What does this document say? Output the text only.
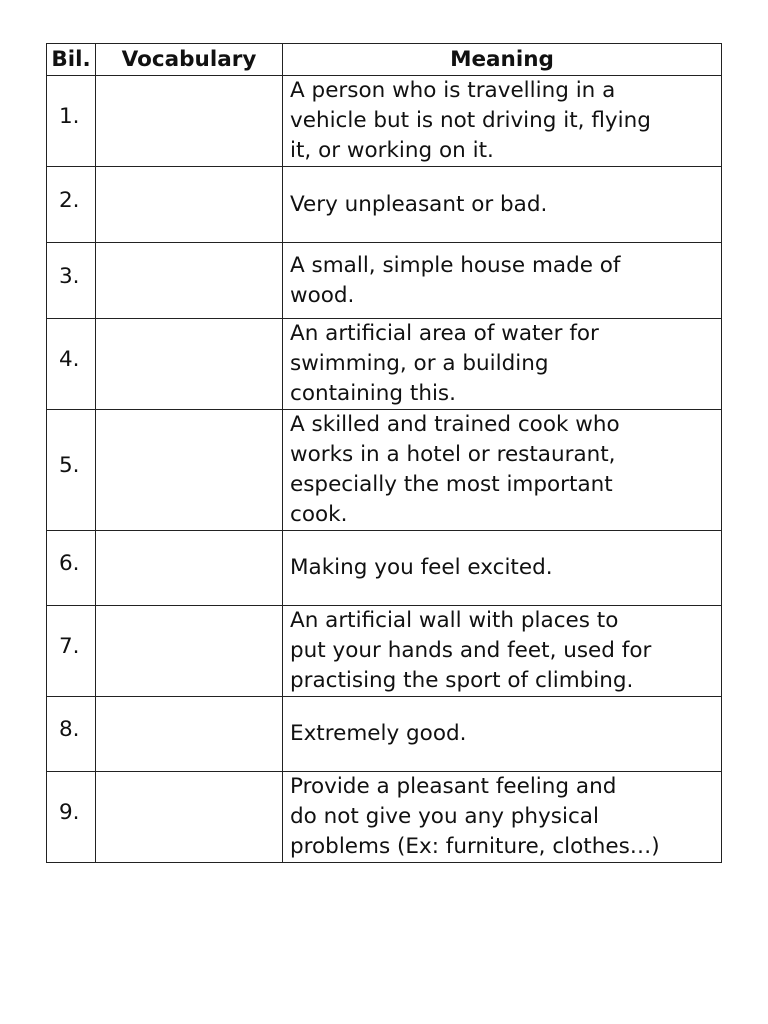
Bil.	Vocabulary	Meaning
1.		A person who is travelling in a
vehicle but is not driving it, flying
it, or working on it.

2.		Very unpleasant or bad.

3.		A small, simple house made of
wood.

4.		An artificial area of water for
swimming, or a building
containing this.

5.		A skilled and trained cook who
works in a hotel or restaurant,
especially the most important
cook.

6.		Making you feel excited.

7.		An artificial wall with places to
put your hands and feet, used for
practising the sport of climbing.

8.		Extremely good.

9.		Provide a pleasant feeling and
do not give you any physical
problems (Ex: furniture, clothes…)
